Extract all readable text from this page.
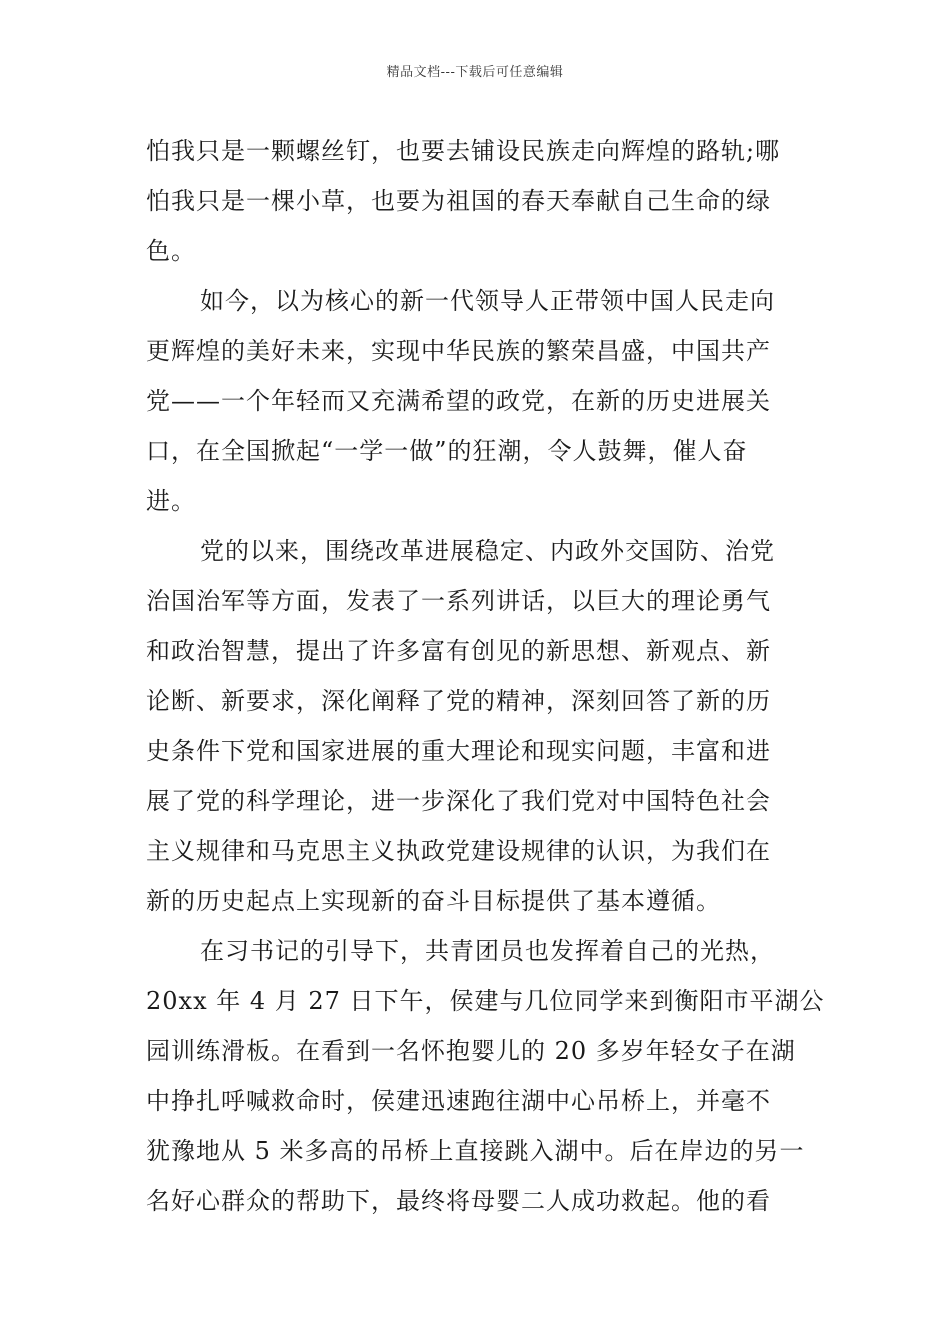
精品文档---下载后可任意编辑
怕我只是一颗螺丝钉，也要去铺设民族走向辉煌的路轨;哪
怕我只是一棵小草，也要为祖国的春天奉献自己生命的绿
色。
如今，以为核心的新一代领导人正带领中国人民走向
更辉煌的美好未来，实现中华民族的繁荣昌盛，中国共产
党——一个年轻而又充满希望的政党，在新的历史进展关
口，在全国掀起“一学一做”的狂潮，令人鼓舞，催人奋
进。
党的以来，围绕改革进展稳定、内政外交国防、治党
治国治军等方面，发表了一系列讲话，以巨大的理论勇气
和政治智慧，提出了许多富有创见的新思想、新观点、新
论断、新要求，深化阐释了党的精神，深刻回答了新的历
史条件下党和国家进展的重大理论和现实问题，丰富和进
展了党的科学理论，进一步深化了我们党对中国特色社会
主义规律和马克思主义执政党建设规律的认识，为我们在
新的历史起点上实现新的奋斗目标提供了基本遵循。
在习书记的引导下，共青团员也发挥着自己的光热，
20xx 年 4 月 27 日下午，侯建与几位同学来到衡阳市平湖公
园训练滑板。在看到一名怀抱婴儿的 20 多岁年轻女子在湖
中挣扎呼喊救命时，侯建迅速跑往湖中心吊桥上，并毫不
犹豫地从 5 米多高的吊桥上直接跳入湖中。后在岸边的另一
名好心群众的帮助下，最终将母婴二人成功救起。他的看
